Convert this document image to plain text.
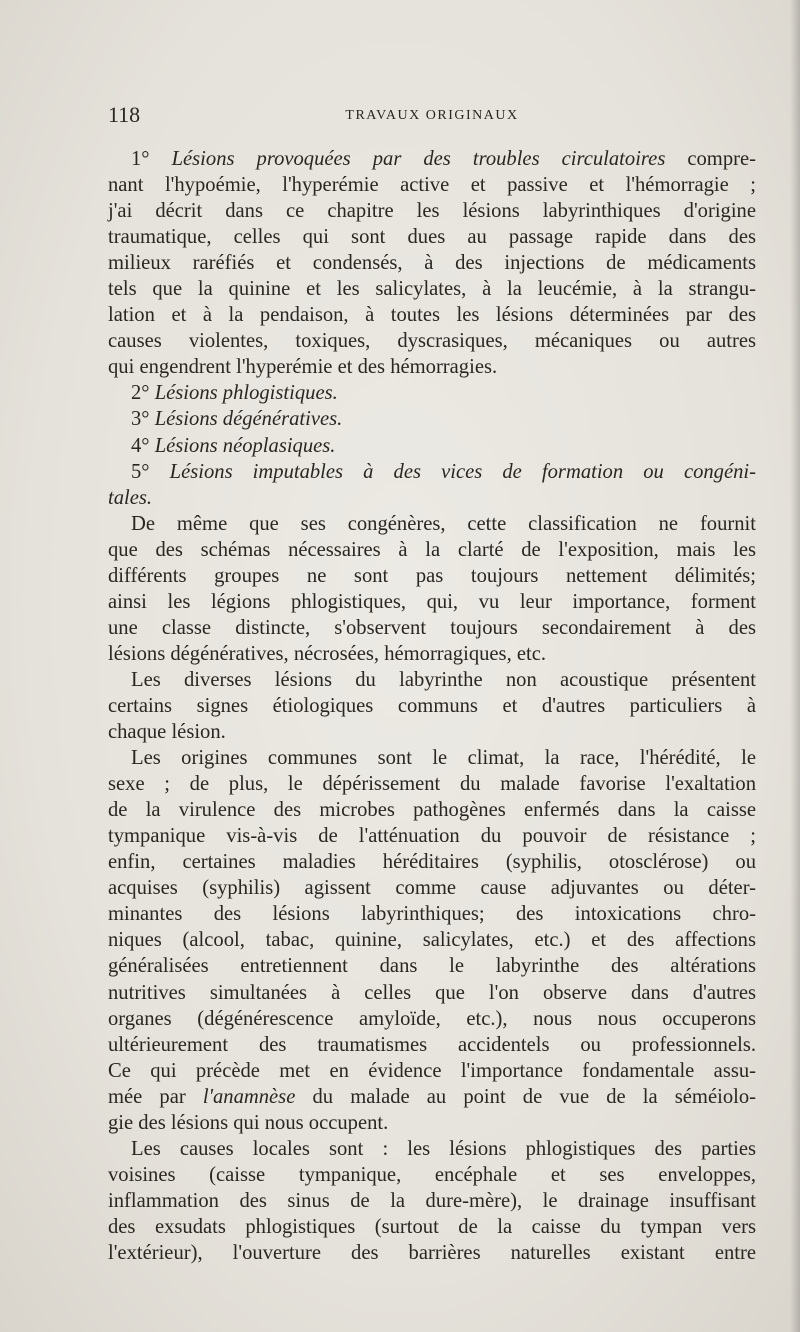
118	TRAVAUX ORIGINAUX
1° Lésions provoquées par des troubles circulatoires compre-
nant l'hypoémie, l'hyperémie active et passive et l'hémorragie ;
j'ai décrit dans ce chapitre les lésions labyrinthiques d'origine
traumatique, celles qui sont dues au passage rapide dans des
milieux raréfiés et condensés, à des injections de médicaments
tels que la quinine et les salicylates, à la leucémie, à la strangu-
lation et à la pendaison, à toutes les lésions déterminées par des
causes violentes, toxiques, dyscrasiques, mécaniques ou autres
qui engendrent l'hyperémie et des hémorragies.
2° Lésions phlogistiques.
3° Lésions dégénératives.
4° Lésions néoplasiques.
5° Lésions imputables à des vices de formation ou congéni-
tales.
De même que ses congénères, cette classification ne fournit
que des schémas nécessaires à la clarté de l'exposition, mais les
différents groupes ne sont pas toujours nettement délimités;
ainsi les légions phlogistiques, qui, vu leur importance, forment
une classe distincte, s'observent toujours secondairement à des
lésions dégénératives, nécrosées, hémorragiques, etc.
Les diverses lésions du labyrinthe non acoustique présentent
certains signes étiologiques communs et d'autres particuliers à
chaque lésion.
Les origines communes sont le climat, la race, l'hérédité, le
sexe ; de plus, le dépérissement du malade favorise l'exaltation
de la virulence des microbes pathogènes enfermés dans la caisse
tympanique vis-à-vis de l'atténuation du pouvoir de résistance ;
enfin, certaines maladies héréditaires (syphilis, otosclérose) ou
acquises (syphilis) agissent comme cause adjuvantes ou déter-
minantes des lésions labyrinthiques; des intoxications chro-
niques (alcool, tabac, quinine, salicylates, etc.) et des affections
généralisées entretiennent dans le labyrinthe des altérations
nutritives simultanées à celles que l'on observe dans d'autres
organes (dégénérescence amyloïde, etc.), nous nous occuperons
ultérieurement des traumatismes accidentels ou professionnels.
Ce qui précède met en évidence l'importance fondamentale assu-
mée par l'anamnèse du malade au point de vue de la séméiolo-
gie des lésions qui nous occupent.
Les causes locales sont : les lésions phlogistiques des parties
voisines (caisse tympanique, encéphale et ses enveloppes,
inflammation des sinus de la dure-mère), le drainage insuffisant
des exsudats phlogistiques (surtout de la caisse du tympan vers
l'extérieur), l'ouverture des barrières naturelles existant entre
